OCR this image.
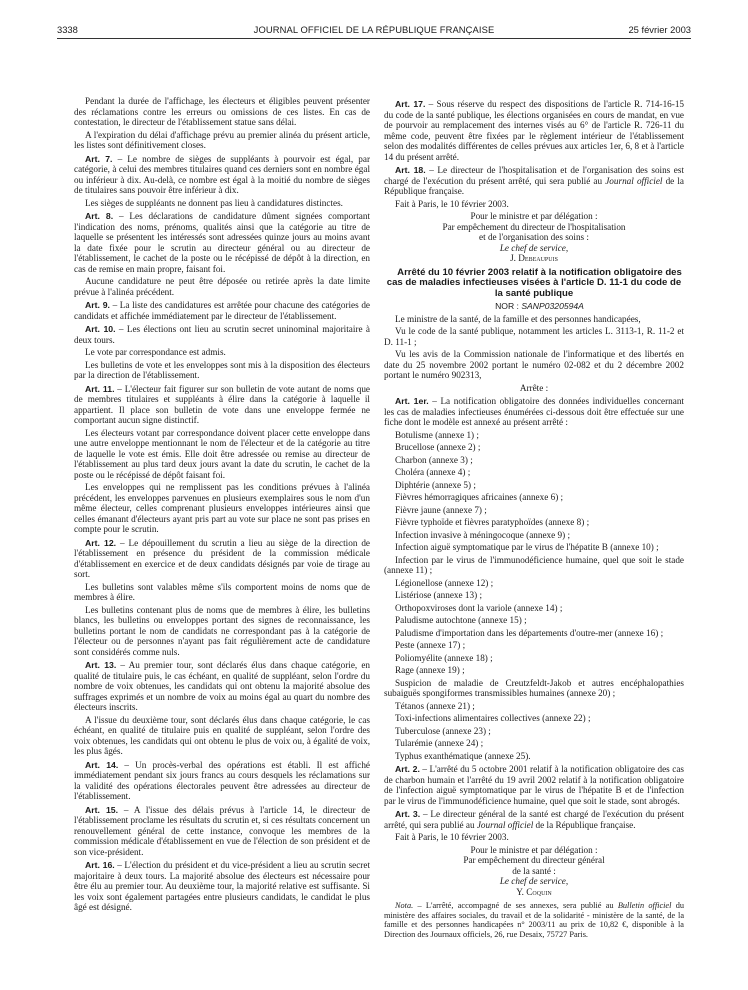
3338	JOURNAL OFFICIEL DE LA RÉPUBLIQUE FRANÇAISE	25 février 2003

Pendant la durée de l'affichage, les électeurs et éligibles peuvent présenter des réclamations contre les erreurs ou omissions de ces listes. En cas de contestation, le directeur de l'établissement statue sans délai.

A l'expiration du délai d'affichage prévu au premier alinéa du présent article, les listes sont définitivement closes.

Art. 7. – Le nombre de sièges de suppléants à pourvoir est égal, par catégorie, à celui des membres titulaires quand ces derniers sont en nombre égal ou inférieur à dix. Au-delà, ce nombre est égal à la moitié du nombre de sièges de titulaires sans pouvoir être inférieur à dix.

Les sièges de suppléants ne donnent pas lieu à candidatures distinctes.

Art. 8. – Les déclarations de candidature dûment signées comportant l'indication des noms, prénoms, qualités ainsi que la catégorie au titre de laquelle se présentent les intéressés sont adressées quinze jours au moins avant la date fixée pour le scrutin au directeur général ou au directeur de l'établissement, le cachet de la poste ou le récépissé de dépôt à la direction, en cas de remise en main propre, faisant foi.

Aucune candidature ne peut être déposée ou retirée après la date limite prévue à l'alinéa précédent.

Art. 9. – La liste des candidatures est arrêtée pour chacune des catégories de candidats et affichée immédiatement par le directeur de l'établissement.

Art. 10. – Les élections ont lieu au scrutin secret uninominal majoritaire à deux tours.

Le vote par correspondance est admis.

Les bulletins de vote et les enveloppes sont mis à la disposition des électeurs par la direction de l'établissement.

Art. 11. – L'électeur fait figurer sur son bulletin de vote autant de noms que de membres titulaires et suppléants à élire dans la catégorie à laquelle il appartient. Il place son bulletin de vote dans une enveloppe fermée ne comportant aucun signe distinctif.

Les électeurs votant par correspondance doivent placer cette enveloppe dans une autre enveloppe mentionnant le nom de l'électeur et de la catégorie au titre de laquelle le vote est émis. Elle doit être adressée ou remise au directeur de l'établissement au plus tard deux jours avant la date du scrutin, le cachet de la poste ou le récépissé de dépôt faisant foi.

Les enveloppes qui ne remplissent pas les conditions prévues à l'alinéa précédent, les enveloppes parvenues en plusieurs exemplaires sous le nom d'un même électeur, celles comprenant plusieurs enveloppes intérieures ainsi que celles émanant d'électeurs ayant pris part au vote sur place ne sont pas prises en compte pour le scrutin.

Art. 12. – Le dépouillement du scrutin a lieu au siège de la direction de l'établissement en présence du président de la commission médicale d'établissement en exercice et de deux candidats désignés par voie de tirage au sort.

Les bulletins sont valables même s'ils comportent moins de noms que de membres à élire.

Les bulletins contenant plus de noms que de membres à élire, les bulletins blancs, les bulletins ou enveloppes portant des signes de reconnaissance, les bulletins portant le nom de candidats ne correspondant pas à la catégorie de l'électeur ou de personnes n'ayant pas fait régulièrement acte de candidature sont considérés comme nuls.

Art. 13. – Au premier tour, sont déclarés élus dans chaque catégorie, en qualité de titulaire puis, le cas échéant, en qualité de suppléant, selon l'ordre du nombre de voix obtenues, les candidats qui ont obtenu la majorité absolue des suffrages exprimés et un nombre de voix au moins égal au quart du nombre des électeurs inscrits.

A l'issue du deuxième tour, sont déclarés élus dans chaque catégorie, le cas échéant, en qualité de titulaire puis en qualité de suppléant, selon l'ordre des voix obtenues, les candidats qui ont obtenu le plus de voix ou, à égalité de voix, les plus âgés.

Art. 14. – Un procès-verbal des opérations est établi. Il est affiché immédiatement pendant six jours francs au cours desquels les réclamations sur la validité des opérations électorales peuvent être adressées au directeur de l'établissement.

Art. 15. – A l'issue des délais prévus à l'article 14, le directeur de l'établissement proclame les résultats du scrutin et, si ces résultats concernent un renouvellement général de cette instance, convoque les membres de la commission médicale d'établissement en vue de l'élection de son président et de son vice-président.

Art. 16. – L'élection du président et du vice-président a lieu au scrutin secret majoritaire à deux tours. La majorité absolue des électeurs est nécessaire pour être élu au premier tour. Au deuxième tour, la majorité relative est suffisante. Si les voix sont également partagées entre plusieurs candidats, le candidat le plus âgé est désigné.

Art. 17. – Sous réserve du respect des dispositions de l'article R. 714-16-15 du code de la santé publique, les élections organisées en cours de mandat, en vue de pourvoir au remplacement des internes visés au 6° de l'article R. 726-11 du même code, peuvent être fixées par le règlement intérieur de l'établissement selon des modalités différentes de celles prévues aux articles 1er, 6, 8 et à l'article 14 du présent arrêté.

Art. 18. – Le directeur de l'hospitalisation et de l'organisation des soins est chargé de l'exécution du présent arrêté, qui sera publié au Journal officiel de la République française.

Fait à Paris, le 10 février 2003.

Pour le ministre et par délégation :

Par empêchement du directeur de l'hospitalisation

et de l'organisation des soins :

Le chef de service,

J. Debeaupuis

Arrêté du 10 février 2003 relatif à la notification obligatoire des cas de maladies infectieuses visées à l'article D. 11-1 du code de la santé publique

NOR : SANP0320594A

Le ministre de la santé, de la famille et des personnes handicapées,

Vu le code de la santé publique, notamment les articles L. 3113-1, R. 11-2 et D. 11-1 ;

Vu les avis de la Commission nationale de l'informatique et des libertés en date du 25 novembre 2002 portant le numéro 02-082 et du 2 décembre 2002 portant le numéro 902313,

Arrête :

Art. 1er. – La notification obligatoire des données individuelles concernant les cas de maladies infectieuses énumérées ci-dessous doit être effectuée sur une fiche dont le modèle est annexé au présent arrêté :

Botulisme (annexe 1) ;

Brucellose (annexe 2) ;

Charbon (annexe 3) ;

Choléra (annexe 4) ;

Diphtérie (annexe 5) ;

Fièvres hémorragiques africaines (annexe 6) ;

Fièvre jaune (annexe 7) ;

Fièvre typhoïde et fièvres paratyphoïdes (annexe 8) ;

Infection invasive à méningocoque (annexe 9) ;

Infection aiguë symptomatique par le virus de l'hépatite B (annexe 10) ;

Infection par le virus de l'immunodéficience humaine, quel que soit le stade (annexe 11) ;

Légionellose (annexe 12) ;

Listériose (annexe 13) ;

Orthopoxviroses dont la variole (annexe 14) ;

Paludisme autochtone (annexe 15) ;

Paludisme d'importation dans les départements d'outre-mer (annexe 16) ;

Peste (annexe 17) ;

Poliomyélite (annexe 18) ;

Rage (annexe 19) ;

Suspicion de maladie de Creutzfeldt-Jakob et autres encéphalopathies subaiguës spongiformes transmissibles humaines (annexe 20) ;

Tétanos (annexe 21) ;

Toxi-infections alimentaires collectives (annexe 22) ;

Tuberculose (annexe 23) ;

Tularémie (annexe 24) ;

Typhus exanthématique (annexe 25).

Art. 2. – L'arrêté du 5 octobre 2001 relatif à la notification obligatoire des cas de charbon humain et l'arrêté du 19 avril 2002 relatif à la notification obligatoire de l'infection aiguë symptomatique par le virus de l'hépatite B et de l'infection par le virus de l'immunodéficience humaine, quel que soit le stade, sont abrogés.

Art. 3. – Le directeur général de la santé est chargé de l'exécution du présent arrêté, qui sera publié au Journal officiel de la République française.

Fait à Paris, le 10 février 2003.

Pour le ministre et par délégation :

Par empêchement du directeur général

de la santé :

Le chef de service,

Y. Coquin

Nota. – L'arrêté, accompagné de ses annexes, sera publié au Bulletin officiel du ministère des affaires sociales, du travail et de la solidarité - ministère de la santé, de la famille et des personnes handicapées n° 2003/11 au prix de 10,82 €, disponible à la Direction des Journaux officiels, 26, rue Desaix, 75727 Paris.
